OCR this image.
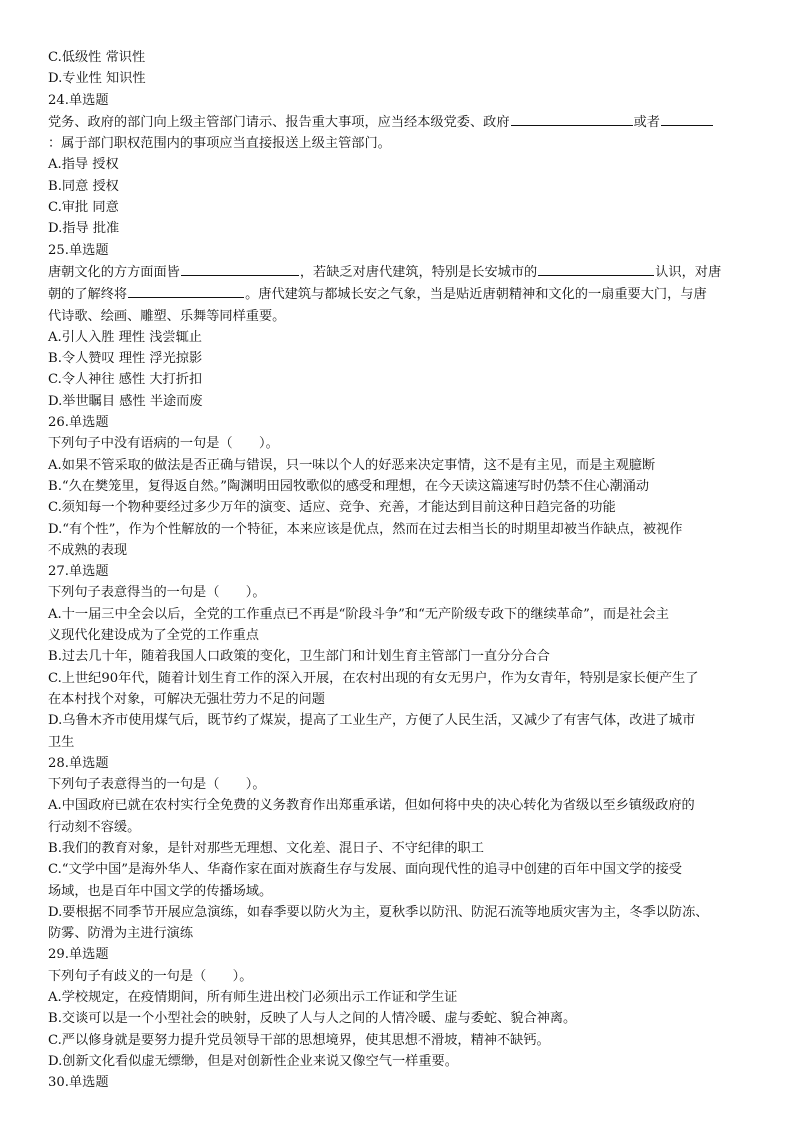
C.低级性 常识性
D.专业性 知识性
24.单选题
党务、政府的部门向上级主管部门请示、报告重大事项，应当经本级党委、政府	或者
：属于部门职权范围内的事项应当直接报送上级主管部门。
A.指导 授权
B.同意 授权
C.审批 同意
D.指导 批准
25.单选题
唐朝文化的方方面面皆	，若缺乏对唐代建筑，特别是长安城市的	认识，对唐
朝的了解终将	。唐代建筑与都城长安之气象，当是贴近唐朝精神和文化的一扇重要大门，与唐
代诗歌、绘画、雕塑、乐舞等同样重要。
A.引人入胜 理性 浅尝辄止
B.令人赞叹 理性 浮光掠影
C.令人神往 感性 大打折扣
D.举世瞩目 感性 半途而废
26.单选题
下列句子中没有语病的一句是（　　）。
A.如果不管采取的做法是否正确与错误，只一味以个人的好恶来决定事情，这不是有主见，而是主观臆断
B.“久在樊笼里，复得返自然。”陶渊明田园牧歌似的感受和理想，在今天读这篇速写时仍禁不住心潮涌动
C.须知每一个物种要经过多少万年的演变、适应、竞争、充善，才能达到目前这种日趋完备的功能
D.“有个性”，作为个性解放的一个特征，本来应该是优点，然而在过去相当长的时期里却被当作缺点，被视作
不成熟的表现
27.单选题
下列句子表意得当的一句是（　　）。
A.十一届三中全会以后，全党的工作重点已不再是“阶段斗争”和“无产阶级专政下的继续革命”，而是社会主
义现代化建设成为了全党的工作重点
B.过去几十年，随着我国人口政策的变化，卫生部门和计划生育主管部门一直分分合合
C.上世纪90年代，随着计划生育工作的深入开展，在农村出现的有女无男户，作为女青年，特别是家长便产生了
在本村找个对象，可解决无强壮劳力不足的问题
D.乌鲁木齐市使用煤气后，既节约了煤炭，提高了工业生产，方便了人民生活，又减少了有害气体，改进了城市
卫生
28.单选题
下列句子表意得当的一句是（　　）。
A.中国政府已就在农村实行全免费的义务教育作出郑重承诺，但如何将中央的决心转化为省级以至乡镇级政府的
行动刻不容缓。
B.我们的教育对象，是针对那些无理想、文化差、混日子、不守纪律的职工
C.“文学中国”是海外华人、华裔作家在面对族裔生存与发展、面向现代性的追寻中创建的百年中国文学的接受
场域，也是百年中国文学的传播场域。
D.要根据不同季节开展应急演练，如春季要以防火为主，夏秋季以防汛、防泥石流等地质灾害为主，冬季以防冻、
防雾、防滑为主进行演练
29.单选题
下列句子有歧义的一句是（　　）。
A.学校规定，在疫情期间，所有师生进出校门必须出示工作证和学生证
B.交谈可以是一个小型社会的映射，反映了人与人之间的人情冷暖、虚与委蛇、貌合神离。
C.严以修身就是要努力提升党员领导干部的思想境界，使其思想不滑坡，精神不缺钙。
D.创新文化看似虚无缥缈，但是对创新性企业来说又像空气一样重要。
30.单选题
